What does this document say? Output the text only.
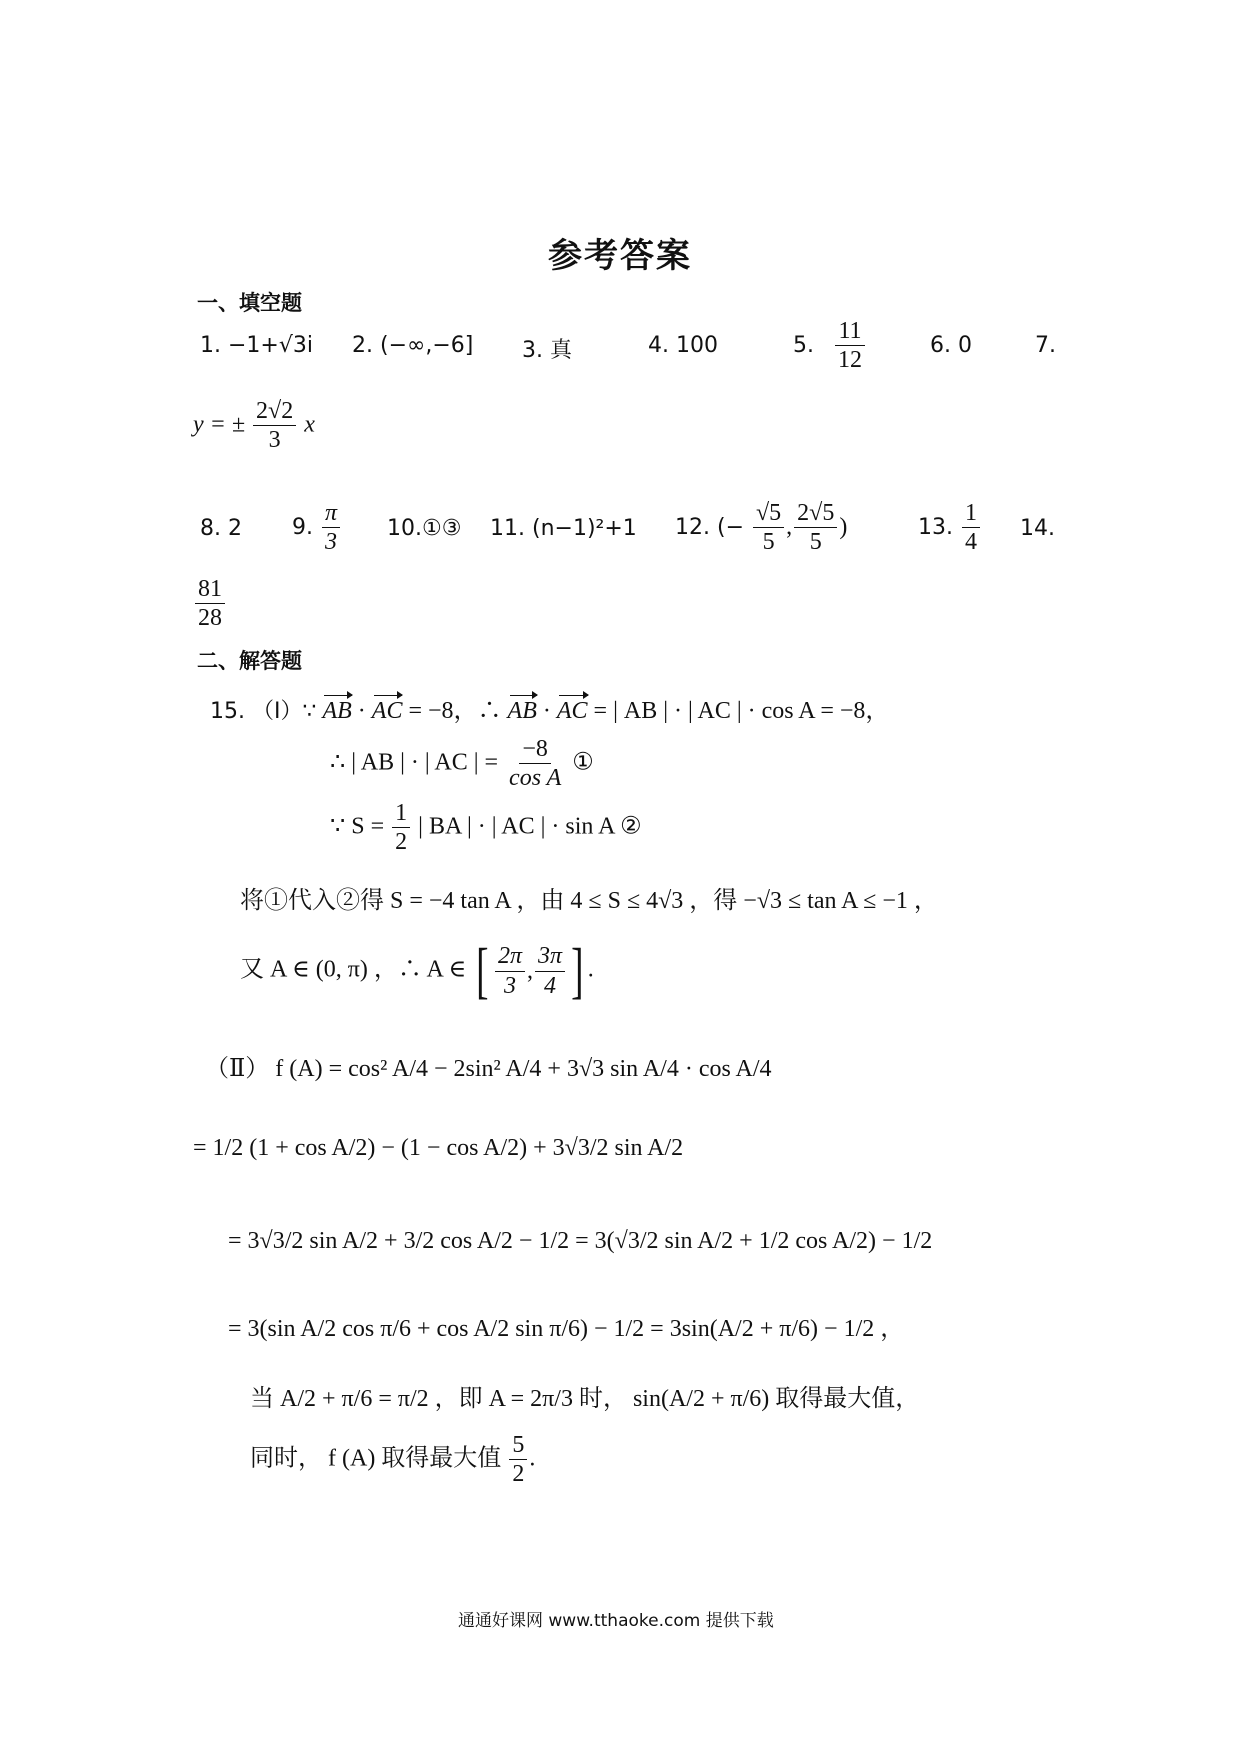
参考答案
一、填空题
1. −1+√3i 2. (−∞,−6] 3. 真	4. 100	5. $\frac{11}{12}$	6. 0	7.
y = ± $\frac{2√2}{3}$ x
8. 2 9. $\frac{\pi}{3}$ 10.①③ 11. (n−1)²+1 12. (− $\frac{√5}{5}$ , $\frac{2√5}{5}$ )	13. $\frac{1}{4} 14$.
$\frac{81}{28}$
二、解答题
15. （Ⅰ）∵ AB · AC = −8，∴ AB · AC = | AB | · | AC | · cos A = −8，
∴ | AB | · | AC | = $\frac{-8}{\text{cos A}}$ ①
∵ $S = \frac{1}{2}$ | BA | · | AC | · sin A ②
将①代入②得 S = −4 tan A ，由 4 ≤ S ≤ 4√3 ，得 −√3 ≤ tan A ≤ −1 ，
又 A ∈ (0, π) ，∴ A ∈ [ $\frac{2\pi}{3}$ , $\frac{3\pi}{4}$ ] .
（Ⅱ） f (A) = cos² A/4 − 2sin² A/4 + 3√3 sin A/4 · cos A/4
= 1/2 (1 + cos A/2) − (1 − cos A/2) + 3√3/2 sin A/2
= 3√3/2 sin A/2 + 3/2 cos A/2 − 1/2 = 3(√3/2 sin A/2 + 1/2 cos A/2) − 1/2
= 3(sin A/2 cos π/6 + cos A/2 sin π/6) − 1/2 = 3sin(A/2 + π/6) − 1/2 ，
当 A/2 + π/6 = π/2 ，即 A = 2π/3 时， sin(A/2 + π/6) 取得最大值，
同时， f (A) 取得最大值 $\frac{5}{2}$ .
通通好课网 www.tthaoke.com 提供下载
